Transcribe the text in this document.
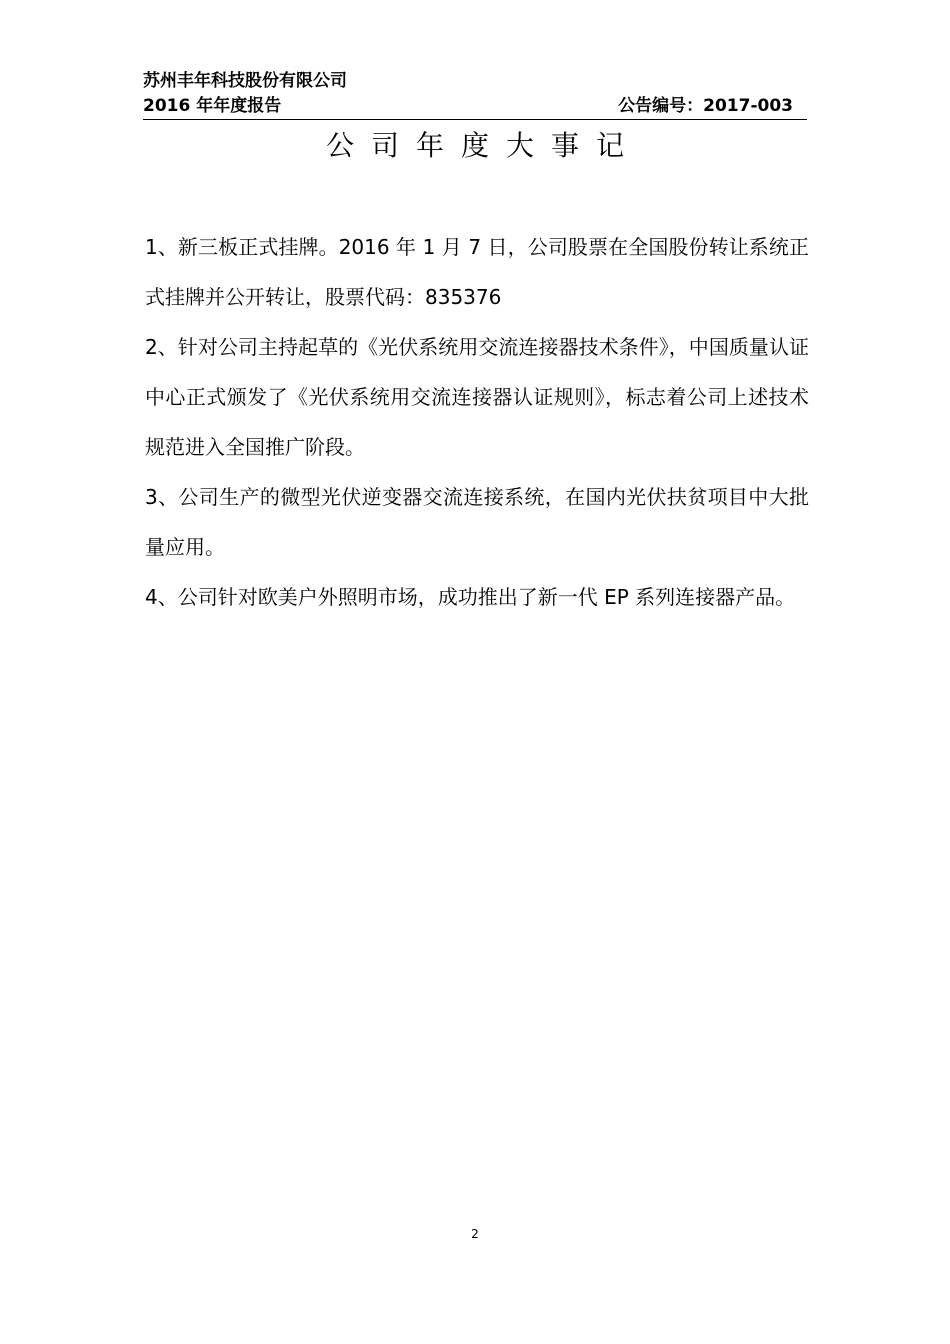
苏州丰年科技股份有限公司
2016 年年度报告	公告编号：2017-003
公司年度大事记

1、新三板正式挂牌。2016 年 1 月 7 日，公司股票在全国股份转让系统正式挂牌并公开转让，股票代码：835376

2、针对公司主持起草的《光伏系统用交流连接器技术条件》，中国质量认证中心正式颁发了《光伏系统用交流连接器认证规则》，标志着公司上述技术规范进入全国推广阶段。

3、公司生产的微型光伏逆变器交流连接系统，在国内光伏扶贫项目中大批量应用。

4、公司针对欧美户外照明市场，成功推出了新一代 EP 系列连接器产品。

2
